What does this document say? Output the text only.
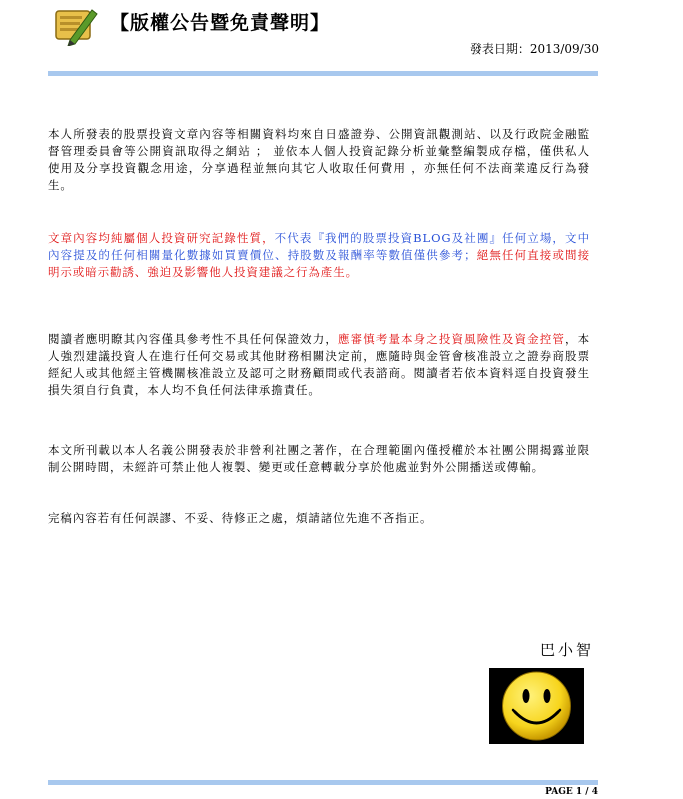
【版權公告暨免責聲明】
發表日期：2013/09/30
本人所發表的股票投資文章內容等相關資料均來自日盛證券、公開資訊觀測站、以及行政院金融監督管理委員會等公開資訊取得之網站 ； 並依本人個人投資記錄分析並彙整編製成存檔，僅供私人使用及分享投資觀念用途，分享過程並無向其它人收取任何費用 ，亦無任何不法商業違反行為發生。
文章內容均純屬個人投資研究記錄性質，不代表『我們的股票投資BLOG及社團』任何立場，文中內容提及的任何相關量化數據如買賣價位、持股數及報酬率等數值僅供參考；絕無任何直接或間接明示或暗示勸誘、強迫及影響他人投資建議之行為產生。
閱讀者應明瞭其內容僅具參考性不具任何保證效力，應審慎考量本身之投資風險性及資金控管，本人強烈建議投資人在進行任何交易或其他財務相關決定前，應隨時與金管會核准設立之證券商股票經紀人或其他經主管機關核准設立及認可之財務顧問或代表諮商。閱讀者若依本資料逕自投資發生損失須自行負責，本人均不負任何法律承擔責任。
本文所刊載以本人名義公開發表於非營利社團之著作，在合理範圍內僅授權於本社團公開揭露並限制公開時間，未經許可禁止他人複製、變更或任意轉載分享於他處並對外公開播送或傳輸。
完稿內容若有任何誤謬、不妥、待修正之處，煩請諸位先進不吝指正。
巴小智
PAGE 1 / 4
